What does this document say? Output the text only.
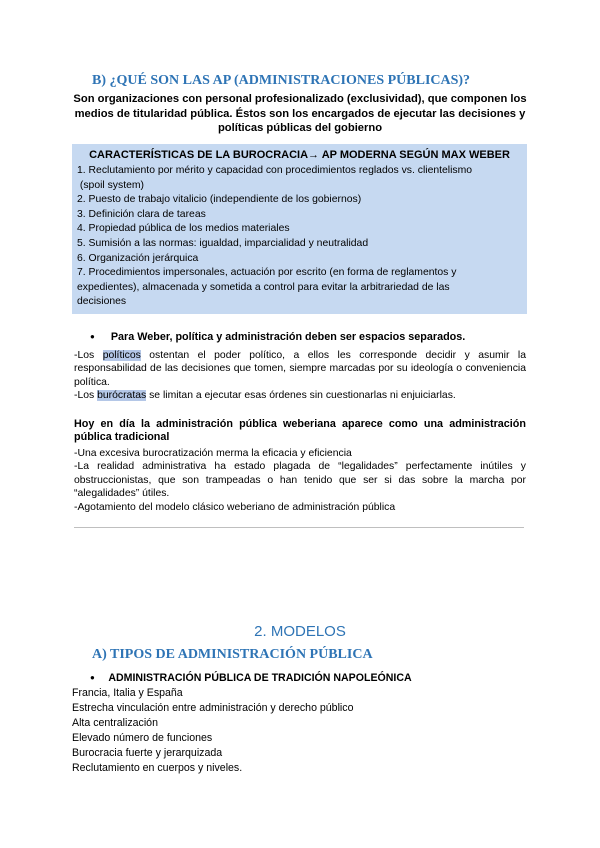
B) ¿QUÉ SON LAS AP (ADMINISTRACIONES PÚBLICAS)?
Son organizaciones con personal profesionalizado (exclusividad), que componen los
medios de titularidad pública. Éstos son los encargados de ejecutar las decisiones y
políticas públicas del gobierno
CARACTERÍSTICAS DE LA BUROCRACIA→ AP MODERNA SEGÚN MAX WEBER
1. Reclutamiento por mérito y capacidad con procedimientos reglados vs. clientelismo
(spoil system)
2. Puesto de trabajo vitalicio (independiente de los gobiernos)
3. Definición clara de tareas
4. Propiedad pública de los medios materiales
5. Sumisión a las normas: igualdad, imparcialidad y neutralidad
6. Organización jerárquica
7. Procedimientos impersonales, actuación por escrito (en forma de reglamentos y
expedientes), almacenada y sometida a control para evitar la arbitrariedad de las
decisiones
● Para Weber, política y administración deben ser espacios separados.
-Los políticos ostentan el poder político, a ellos les corresponde decidir y asumir la responsabilidad de las decisiones que tomen, siempre marcadas por su ideología o conveniencia política.
-Los burócratas se limitan a ejecutar esas órdenes sin cuestionarlas ni enjuiciarlas.
Hoy en día la administración pública weberiana aparece como una administración pública tradicional
-Una excesiva burocratización merma la eficacia y eficiencia
-La realidad administrativa ha estado plagada de “legalidades” perfectamente inútiles y obstruccionistas, que son trampeadas o han tenido que ser si das sobre la marcha por “alegalidades” útiles.
-Agotamiento del modelo clásico weberiano de administración pública
2. MODELOS
A) TIPOS DE ADMINISTRACIÓN PÚBLICA
● ADMINISTRACIÓN PÚBLICA DE TRADICIÓN NAPOLEÓNICA
Francia, Italia y España
Estrecha vinculación entre administración y derecho público
Alta centralización
Elevado número de funciones
Burocracia fuerte y jerarquizada
Reclutamiento en cuerpos y niveles.
